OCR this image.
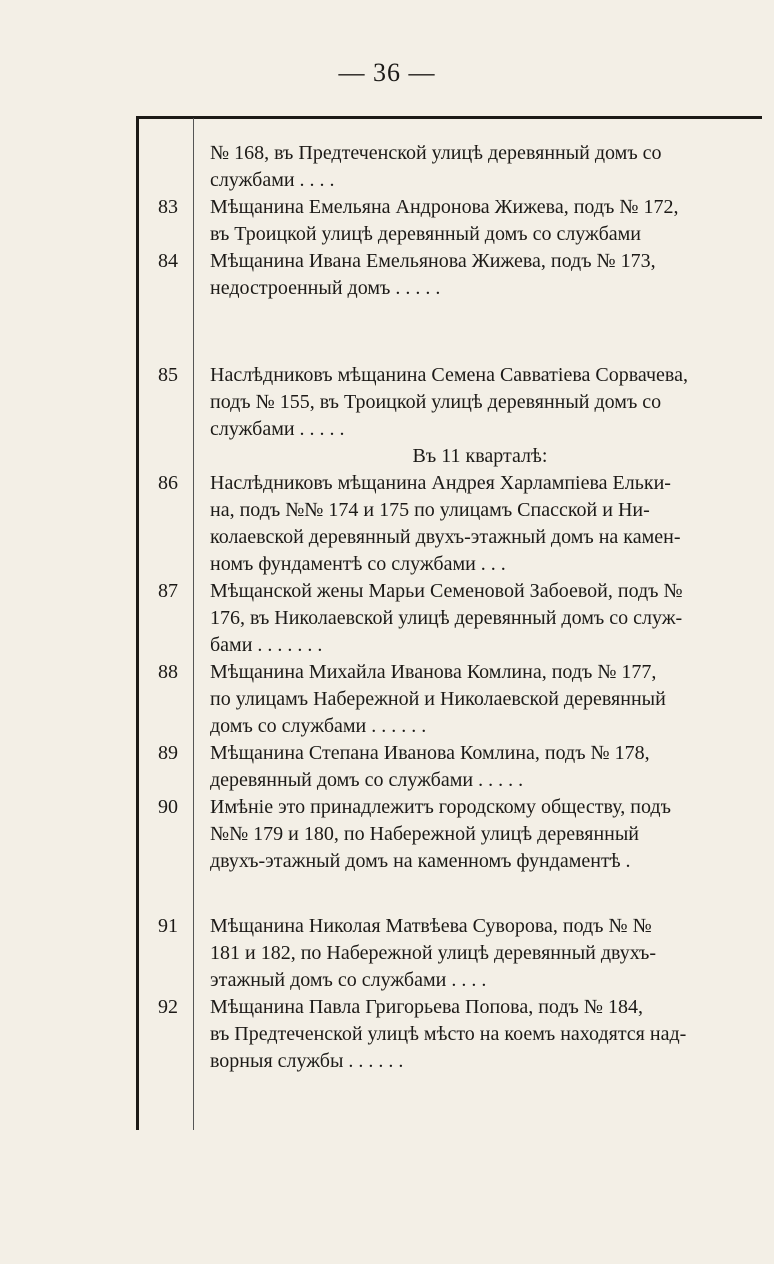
— 36 —
№ 168, въ Предтеченской улицѣ деревянный домъ со
службами . . . .
83	Мѣщанина Емельяна Андронова Жижева, подъ № 172,
въ Троицкой улицѣ деревянный домъ со службами
84	Мѣщанина Ивана Емельянова Жижева, подъ № 173,
недостроенный домъ . . . . .
85	Наслѣдниковъ мѣщанина Семена Савватіева Сорвачева,
подъ № 155, въ Троицкой улицѣ деревянный домъ со
службами . . . . .
Въ 11 кварталѣ:
86	Наслѣдниковъ мѣщанина Андрея Харлампіева Ельки-
на, подъ №№ 174 и 175 по улицамъ Спасской и Ни-
колаевской деревянный двухъ-этажный домъ на камен-
номъ фундаментѣ со службами . . .
87	Мѣщанской жены Марьи Семеновой Забоевой, подъ №
176, въ Николаевской улицѣ деревянный домъ со служ-
бами . . . . . . .
88	Мѣщанина Михайла Иванова Комлина, подъ № 177,
по улицамъ Набережной и Николаевской деревянный
домъ со службами . . . . . .
89	Мѣщанина Степана Иванова Комлина, подъ № 178,
деревянный домъ со службами . . . . .
90	Имѣніе это принадлежитъ городскому обществу, подъ
№№ 179 и 180, по Набережной улицѣ деревянный
двухъ-этажный домъ на каменномъ фундаментѣ .
91	Мѣщанина Николая Матвѣева Суворова, подъ № №
181 и 182, по Набережной улицѣ деревянный двухъ-
этажный домъ со службами . . . .
92	Мѣщанина Павла Григорьева Попова, подъ № 184,
въ Предтеченской улицѣ мѣсто на коемъ находятся над-
ворныя службы . . . . . .
